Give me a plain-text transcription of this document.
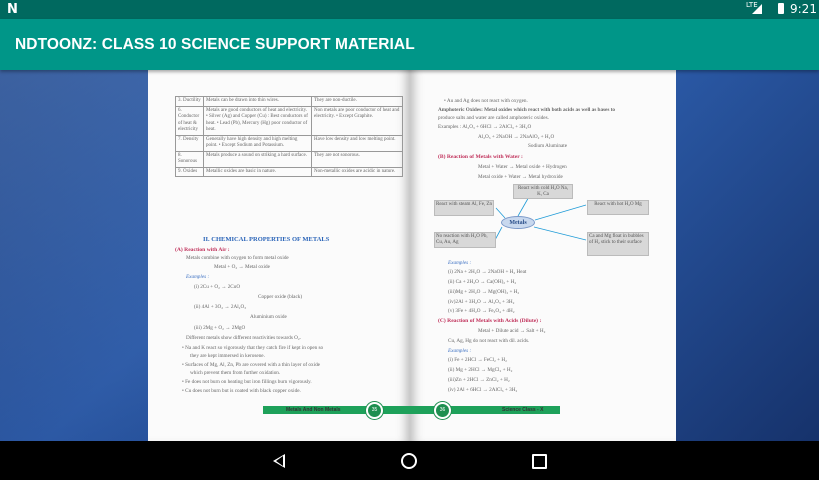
N	LTE	9:21
NDTOONZ: CLASS 10 SCIENCE SUPPORT MATERIAL
3. Ductility	Metals can be drawn into thin wires.	They are non-ductile.
6. Conductor of heat & electricity	Metals are good conductors of heat and electricity. • Silver (Ag) and Copper (Cu) : Best conductors of heat. • Lead (Pb), Mercury (Hg) poor conductor of heat.	Non metals are poor conductor of heat and electricity. • Except Graphite.
7. Density	Generally have high density and high melting point. • Except Sodium and Potassium.	Have low density and low melting point.
8. Sonorous	Metals produce a sound on striking a hard surface.	They are not sonorous.
9. Oxides	Metallic oxides are basic in nature.	Non-metallic oxides are acidic in nature.
II. CHEMICAL PROPERTIES OF METALS
(A) Reaction with Air :
Metals combine with oxygen to form metal oxide
Metal + O₂ → Metal oxide
Examples :
(i) 2Cu + O₂ → 2CuO
Copper oxide (black)
(ii) 4Al + 3O₂ → 2Al₂O₃
Aluminium oxide
(iii) 2Mg + O₂ → 2MgO
Different metals show different reactivities towards O₂.
• Na and K react so vigorously that they catch fire if kept in open so
they are kept immersed in kerosene.
• Surfaces of Mg, Al, Zn, Pb are covered with a thin layer of oxide
which prevent them from further oxidation.
• Fe does not burn on heating but iron fillings burn vigorously.
• Cu does not burn but is coated with black copper oxide.
Metals And Non Metals	35
• Au and Ag does not react with oxygen.
Amphoteric Oxides: Metal oxides which react with both acids as well as bases to
produce salts and water are called amphoteric oxides.
Examples : Al₂O₃ + 6HCl → 2AlCl₃ + 3H₂O
Al₂O₃ + 2NaOH → 2NaAlO₂ + H₂O
Sodium Aluminate
(B) Reaction of Metals with Water :
Metal + Water → Metal oxide + Hydrogen
Metal oxide + Water → Metal hydroxide
React with cold H₂O Na, K, Ca
React with steam Al, Fe, Zn	React with hot H₂O Mg
No reaction with H₂O Pb, Cu, Au, Ag
Ca and Mg float in bubbles of H₂ stick to their surface
Metals
Examples :
(i) 2Na + 2H₂O → 2NaOH + H₂ Heat
(ii) Ca + 2H₂O → Ca(OH)₂ + H₂
(iii)Mg + 2H₂O → Mg(OH)₂ + H₂
(iv)2Al + 3H₂O → Al₂O₃ + 3H₂
(v) 3Fe + 4H₂O → Fe₃O₄ + 4H₂
(C) Reaction of Metals with Acids (Dilute) :
Metal + Dilute acid → Salt + H₂
Cu, Ag, Hg do not react with dil. acids.
Examples :
(i) Fe + 2HCl → FeCl₂ + H₂
(ii) Mg + 2HCl → MgCl₂ + H₂
(iii)Zn + 2HCl → ZnCl₂ + H₂
(iv) 2Al + 6HCl → 2AlCl₃ + 3H₂
36	Science Class - X
